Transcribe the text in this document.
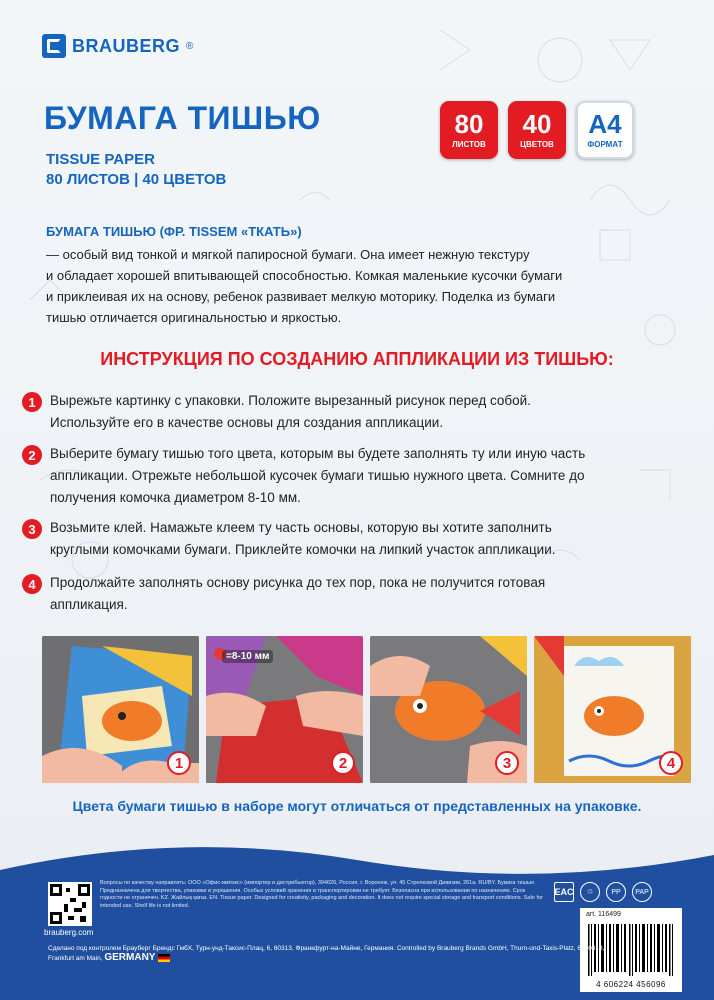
BRAUBERG ®
БУМАГА ТИШЬЮ
TISSUE PAPER
80 ЛИСТОВ | 40 ЦВЕТОВ
80
ЛИСТОВ
40
ЦВЕТОВ
A4
ФОРМАТ
БУМАГА ТИШЬЮ (ФР. TISSEM «ТКАТЬ»)
— особый вид тонкой и мягкой папиросной бумаги. Она имеет нежную текстуру
и обладает хорошей впитывающей способностью. Комкая маленькие кусочки бумаги
и приклеивая их на основу, ребенок развивает мелкую моторику. Поделка из бумаги
тишью отличается оригинальностью и яркостью.
ИНСТРУКЦИЯ ПО СОЗДАНИЮ АППЛИКАЦИИ ИЗ ТИШЬЮ:
1	Вырежьте картинку с упаковки. Положите вырезанный рисунок перед собой.
Используйте его в качестве основы для создания аппликации.
2	Выберите бумагу тишью того цвета, которым вы будете заполнять ту или иную часть
аппликации. Отрежьте небольшой кусочек бумаги тишью нужного цвета. Сомните до
получения комочка диаметром 8-10 мм.
3	Возьмите клей. Намажьте клеем ту часть основы, которую вы хотите заполнить
круглыми комочками бумаги. Приклейте комочки на липкий участок аппликации.
4	Продолжайте заполнять основу рисунка до тех пор, пока не получится готовая
аппликация.
1
=8-10 мм
2	3	4
Цвета бумаги тишью в наборе могут отличаться от представленных на упаковке.
brauberg.com
Вопросы по качеству направлять: ООО «Офис-импэкс» (импортер и дистрибьютор), 394026, Россия, г. Воронеж, ул. 45 Стрелковой Дивизии, 261а. RU/BY. Бумага тишью. Предназначена для творчества, упаковки и украшения. Особых условий хранения и транспортировки не требует. Безопасна при использовании по назначению. Срок годности не ограничен. KZ. Жайлық қағаз. EN. Tissue paper. Designed for creativity, packaging and decoration. It does not require special storage and transport conditions. Safe for intended use. Shelf life is not limited.
EAC	♲	PP	PAP
art. 116499
4 606224 456096
Сделано под контролем Брауберг Брендс ГмбХ, Турн-унд-Таксис-Плац, 6, 60313, Франкфурт-на-Майне, Германия. Controlled by Brauberg Brands GmbH, Thurn-und-Taxis-Platz, 6, 60313, Frankfurt am Main, GERMANY
